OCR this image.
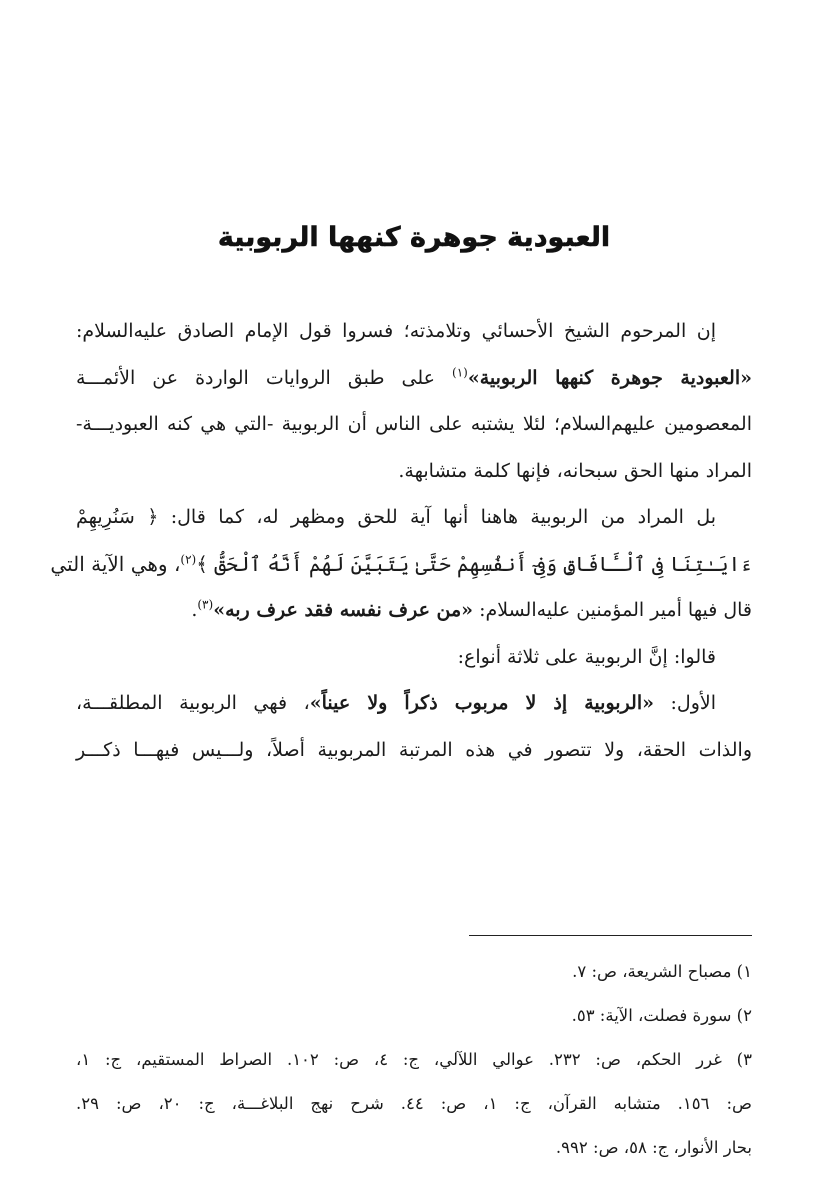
العبودية جوهرة كنهها الربوبية

إن المرحوم الشيخ الأحسائي وتلامذته؛ فسروا قول الإمام الصادق عليه‌السلام:
«العبودية جوهرة كنهها الربوبية»$^{(١)}$ على طبق الروايات الواردة عن الأئمـــة
المعصومين عليهم‌السلام؛ لئلا يشتبه على الناس أن الربوبية -التي هي كنه العبوديـــة-
المراد منها الحق سبحانه، فإنها كلمة متشابهة.

بل المراد من الربوبية هاهنا أنها آية للحق ومظهر له، كما قال: ﴿ سَنُرِيهِمْ
ءَايَـٰتِنَا فِى ٱلْـَٔافَاقِ وَفِىٓ أَنفُسِهِمْ حَتَّىٰ يَتَبَيَّنَ لَهُمْ أَنَّهُ ٱلْحَقُّ ﴾$^{(٢)}$، وهي الآية التي
قال فيها أمير المؤمنين عليه‌السلام: «من عرف نفسه فقد عرف ربه»$^{(٣)}$.

قالوا: إنَّ الربوبية على ثلاثة أنواع:

الأول: «الربوبية إذ لا مربوب ذكراً ولا عيناً»، فهي الربوبية المطلقـــة،
والذات الحقة، ولا تتصور في هذه المرتبة المربوبية أصلاً، ولـــيس فيهـــا ذكـــر

١) مصباح الشريعة، ص: ٧.
٢) سورة فصلت، الآية: ٥٣.
٣) غرر الحكم، ص: ٢٣٢. عوالي اللآلي، ج: ٤، ص: ١٠٢. الصراط المستقيم، ج: ١،
ص: ١٥٦. متشابه القرآن، ج: ١، ص: ٤٤. شرح نهج البلاغـــة، ج: ٢٠، ص: ٢٩.
بحار الأنوار، ج: ٥٨، ص: ٩٩٢.
